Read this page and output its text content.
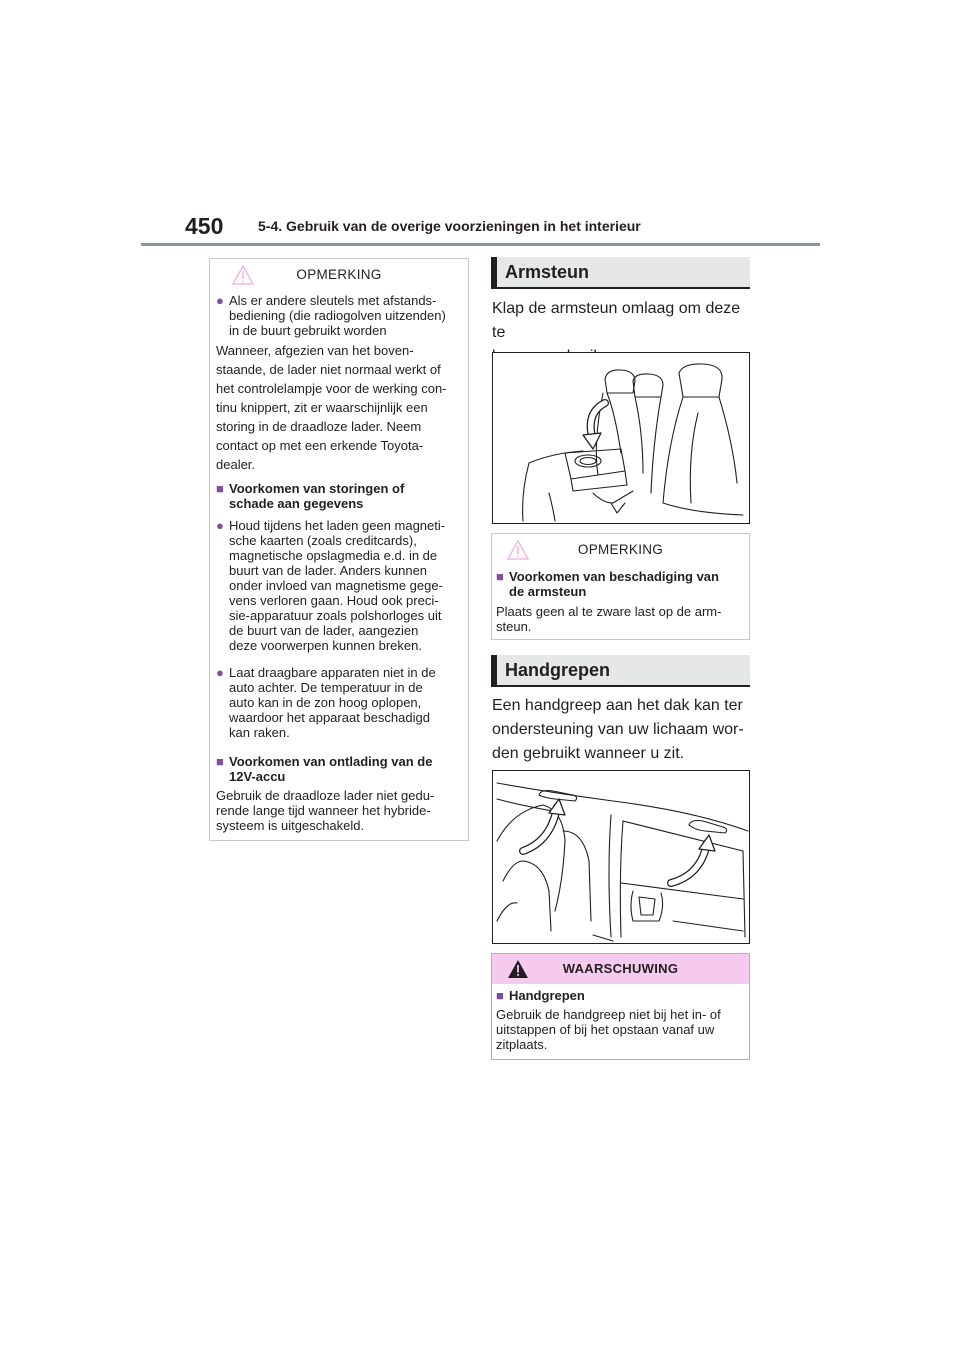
450 5-4. Gebruik van de overige voorzieningen in het interieur
OPMERKING
● Als er andere sleutels met afstands-
bediening (die radiogolven uitzenden)
in de buurt gebruikt worden
Wanneer, afgezien van het boven-
staande, de lader niet normaal werkt of
het controlelampje voor de werking con-
tinu knippert, zit er waarschijnlijk een
storing in de draadloze lader. Neem
contact op met een erkende Toyota-
dealer.
■ Voorkomen van storingen of
schade aan gegevens
● Houd tijdens het laden geen magneti-
sche kaarten (zoals creditcards),
magnetische opslagmedia e.d. in de
buurt van de lader. Anders kunnen
onder invloed van magnetisme gege-
vens verloren gaan. Houd ook preci-
sie-apparatuur zoals polshorloges uit
de buurt van de lader, aangezien
deze voorwerpen kunnen breken.
● Laat draagbare apparaten niet in de
auto achter. De temperatuur in de
auto kan in de zon hoog oplopen,
waardoor het apparaat beschadigd
kan raken.
■ Voorkomen van ontlading van de
12V-accu
Gebruik de draadloze lader niet gedu-
rende lange tijd wanneer het hybride-
systeem is uitgeschakeld.
Armsteun
Klap de armsteun omlaag om deze te
OPMERKING
■ Voorkomen van beschadiging van
de armsteun
Plaats geen al te zware last op de arm-
steun.
Handgrepen
Een handgreep aan het dak kan ter
ondersteuning van uw lichaam wor-
den gebruikt wanneer u zit.
WAARSCHUWING
■ Handgrepen
Gebruik de handgreep niet bij het in- of
uitstappen of bij het opstaan vanaf uw
zitplaats.
